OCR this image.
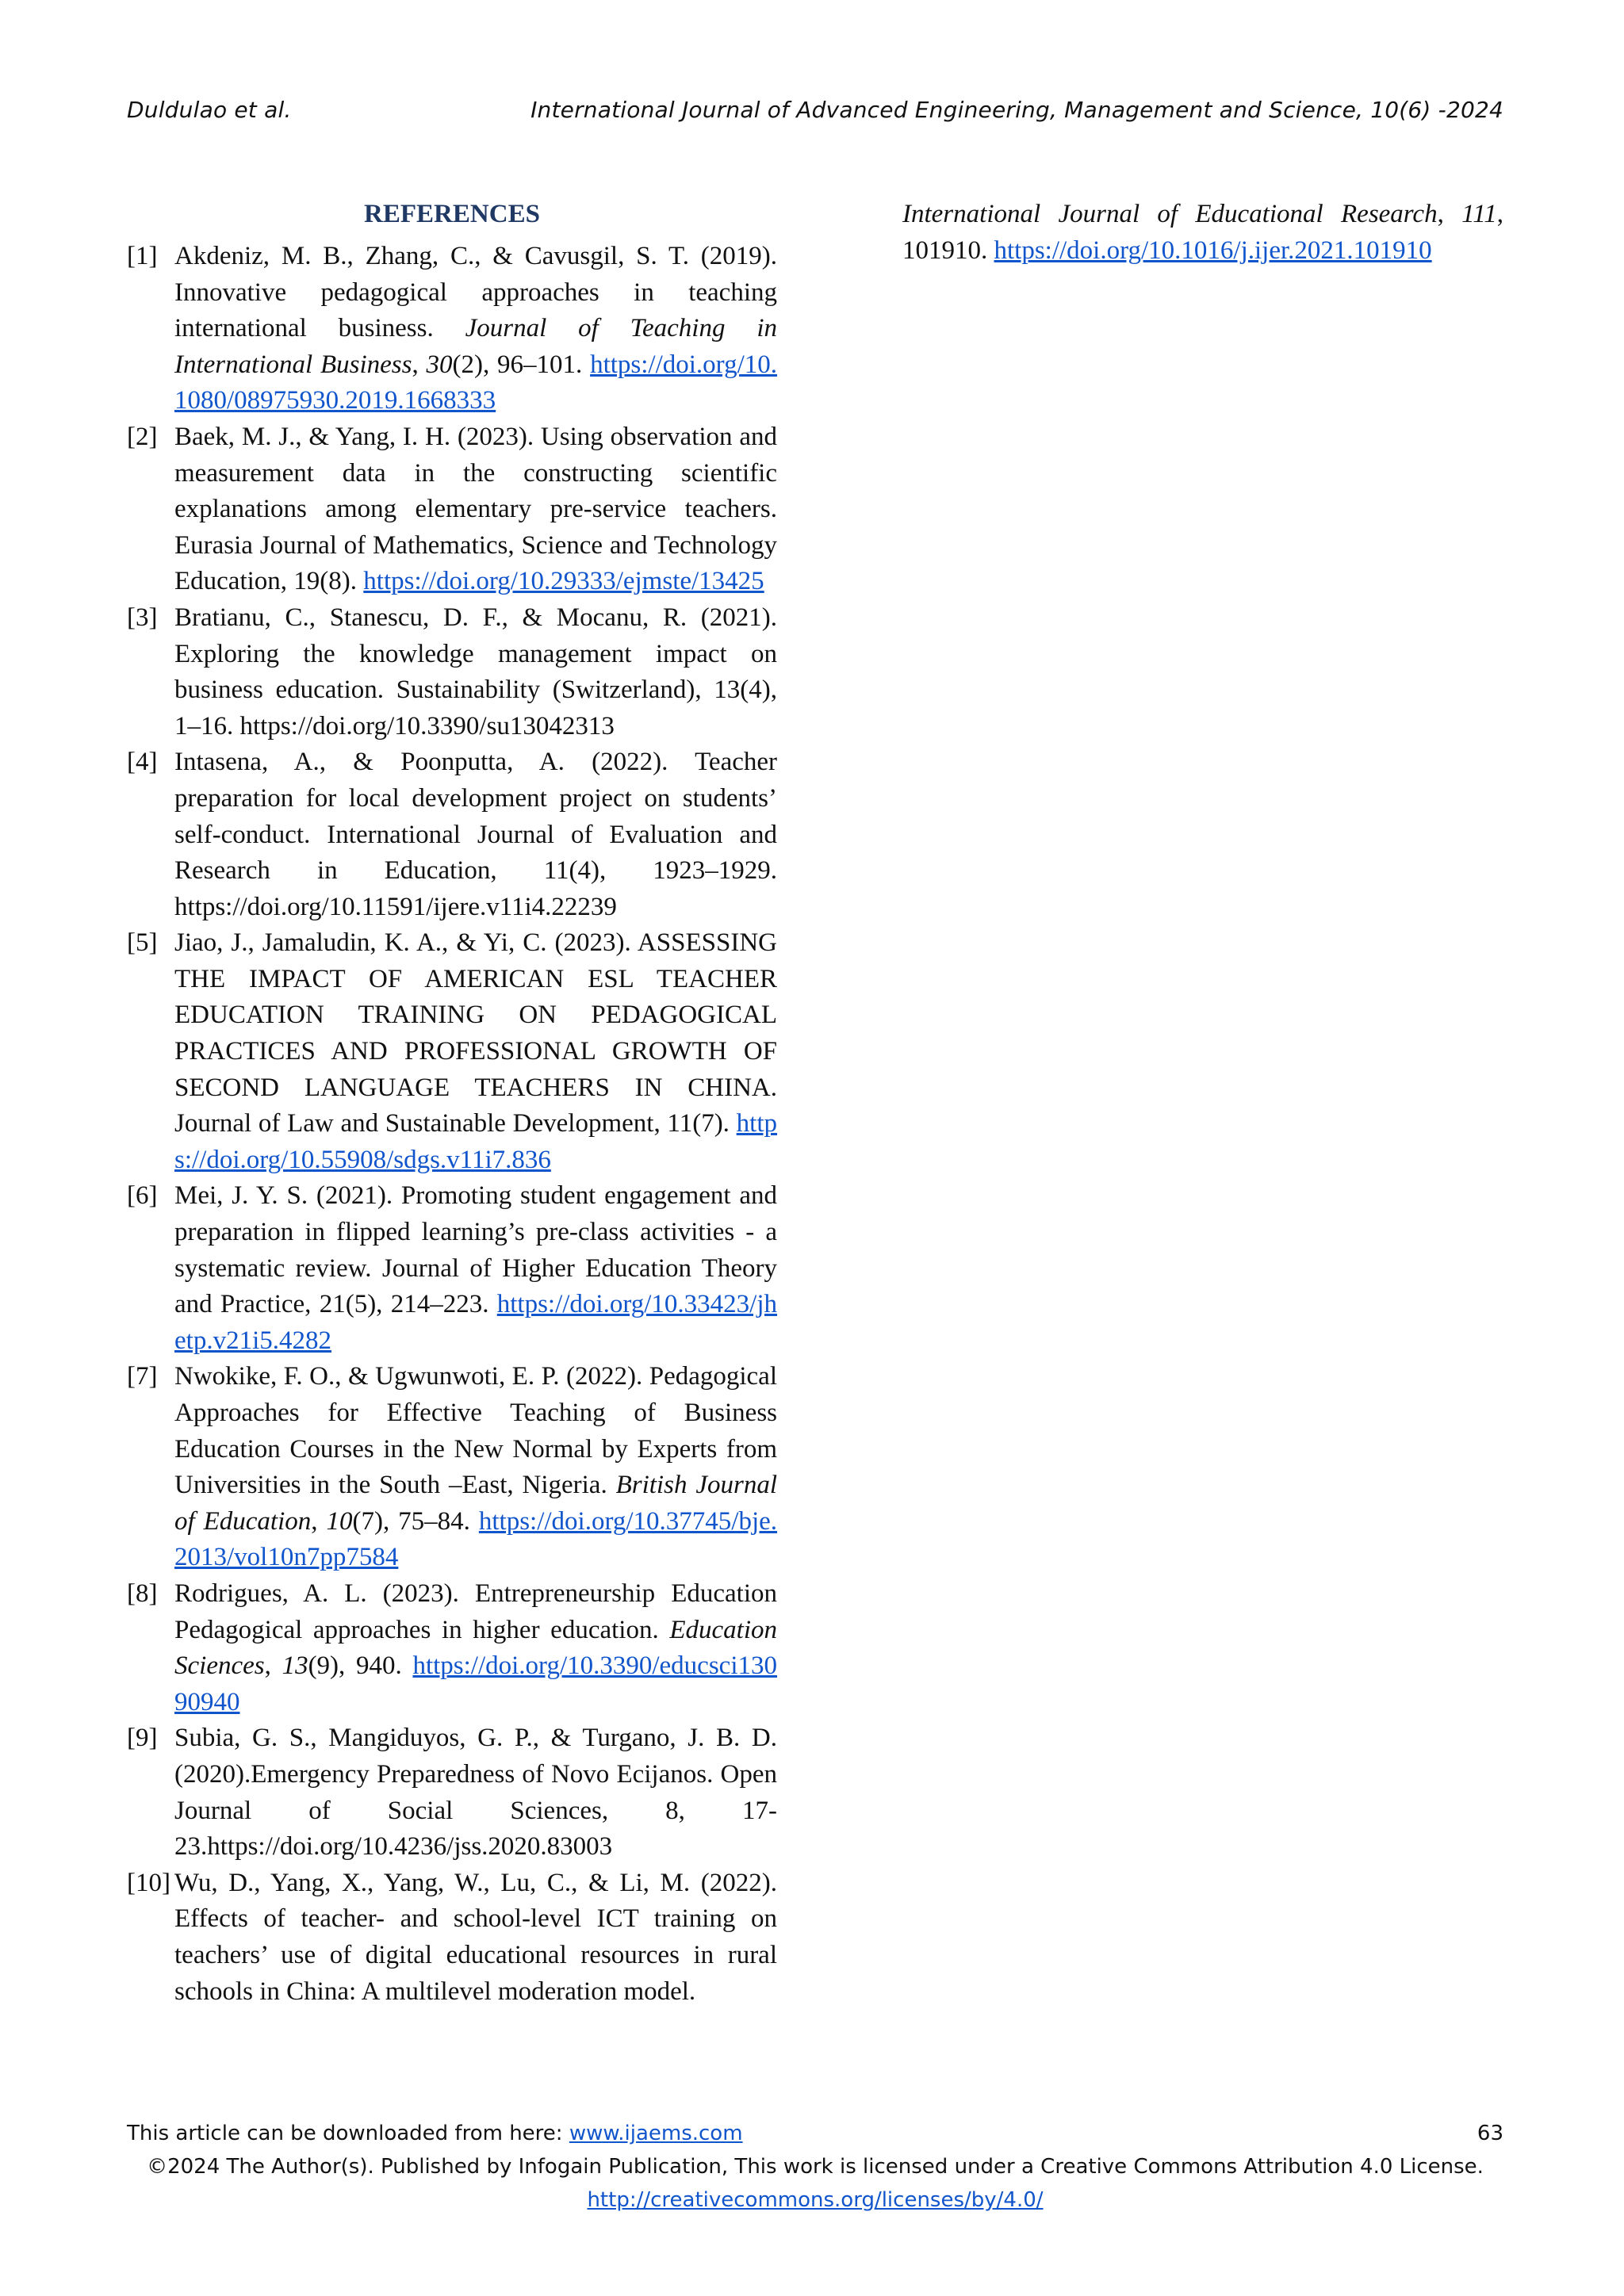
Duldulao et al.	International Journal of Advanced Engineering, Management and Science, 10(6) -2024
REFERENCES
[1] Akdeniz, M. B., Zhang, C., & Cavusgil, S. T. (2019). Innovative pedagogical approaches in teaching international business. Journal of Teaching in International Business, 30(2), 96–101. https://doi.org/10.1080/08975930.2019.1668333
[2] Baek, M. J., & Yang, I. H. (2023). Using observation and measurement data in the constructing scientific explanations among elementary pre-service teachers. Eurasia Journal of Mathematics, Science and Technology Education, 19(8). https://doi.org/10.29333/ejmste/13425
[3] Bratianu, C., Stanescu, D. F., & Mocanu, R. (2021). Exploring the knowledge management impact on business education. Sustainability (Switzerland), 13(4), 1–16. https://doi.org/10.3390/su13042313
[4] Intasena, A., & Poonputta, A. (2022). Teacher preparation for local development project on students’ self-conduct. International Journal of Evaluation and Research in Education, 11(4), 1923–1929. https://doi.org/10.11591/ijere.v11i4.22239
[5] Jiao, J., Jamaludin, K. A., & Yi, C. (2023). ASSESSING THE IMPACT OF AMERICAN ESL TEACHER EDUCATION TRAINING ON PEDAGOGICAL PRACTICES AND PROFESSIONAL GROWTH OF SECOND LANGUAGE TEACHERS IN CHINA. Journal of Law and Sustainable Development, 11(7). https://doi.org/10.55908/sdgs.v11i7.836
[6] Mei, J. Y. S. (2021). Promoting student engagement and preparation in flipped learning’s pre-class activities - a systematic review. Journal of Higher Education Theory and Practice, 21(5), 214–223. https://doi.org/10.33423/jhetp.v21i5.4282
[7] Nwokike, F. O., & Ugwunwoti, E. P. (2022). Pedagogical Approaches for Effective Teaching of Business Education Courses in the New Normal by Experts from Universities in the South –East, Nigeria. British Journal of Education, 10(7), 75–84. https://doi.org/10.37745/bje.2013/vol10n7pp7584
[8] Rodrigues, A. L. (2023). Entrepreneurship Education Pedagogical approaches in higher education. Education Sciences, 13(9), 940. https://doi.org/10.3390/educsci13090940
[9] Subia, G. S., Mangiduyos, G. P., & Turgano, J. B. D. (2020).Emergency Preparedness of Novo Ecijanos. Open Journal of Social Sciences, 8, 17-23.https://doi.org/10.4236/jss.2020.83003
[10] Wu, D., Yang, X., Yang, W., Lu, C., & Li, M. (2022). Effects of teacher- and school-level ICT training on teachers’ use of digital educational resources in rural schools in China: A multilevel moderation model.
International Journal of Educational Research, 111, 101910. https://doi.org/10.1016/j.ijer.2021.101910
This article can be downloaded from here: www.ijaems.com	63
©2024 The Author(s). Published by Infogain Publication, This work is licensed under a Creative Commons Attribution 4.0 License.
http://creativecommons.org/licenses/by/4.0/
